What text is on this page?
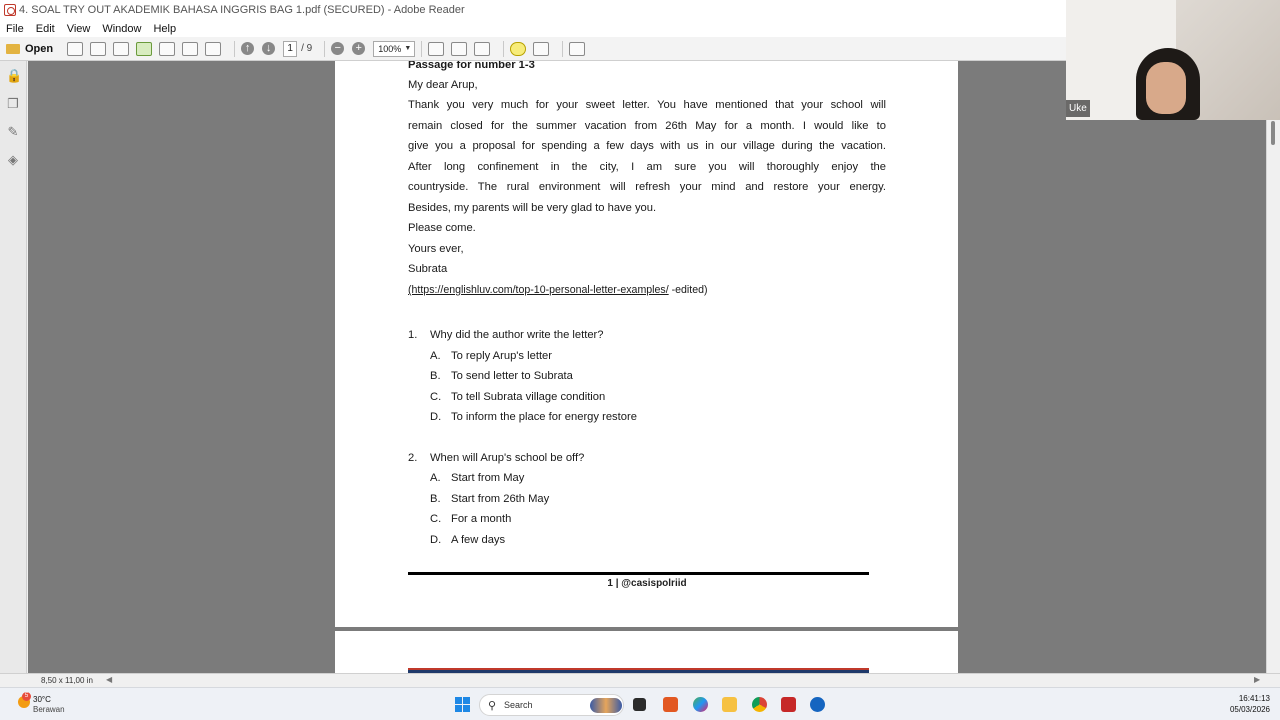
4. SOAL TRY OUT AKADEMIK BAHASA INGGRIS BAG 1.pdf (SECURED) - Adobe Reader
File Edit View Window Help
Open	↑	↓	1 / 9 − +	100% ▼
🔒
❐
✎
◈
Passage for number 1-3
My dear Arup,
Thank you very much for your sweet letter. You have mentioned that your school will
remain closed for the summer vacation from 26th May for a month. I would like to
give you a proposal for spending a few days with us in our village during the vacation.
After long confinement in the city, I am sure you will thoroughly enjoy the
countryside. The rural environment will refresh your mind and restore your energy.
Besides, my parents will be very glad to have you.
Please come.
Yours ever,
Subrata
(https://englishluv.com/top-10-personal-letter-examples/ -edited)
1. Why did the author write the letter?
A. To reply Arup's letter
B. To send letter to Subrata
C. To tell Subrata village condition
D. To inform the place for energy restore
2. When will Arup's school be off?
A. Start from May
B. Start from 26th May
C. For a month
D. A few days
1 | @casispolriid
8,50 x 11,00 in ◀	▶
Uke
5 30°C
Berawan	⚲ Search
16:41:13
05/03/2026
